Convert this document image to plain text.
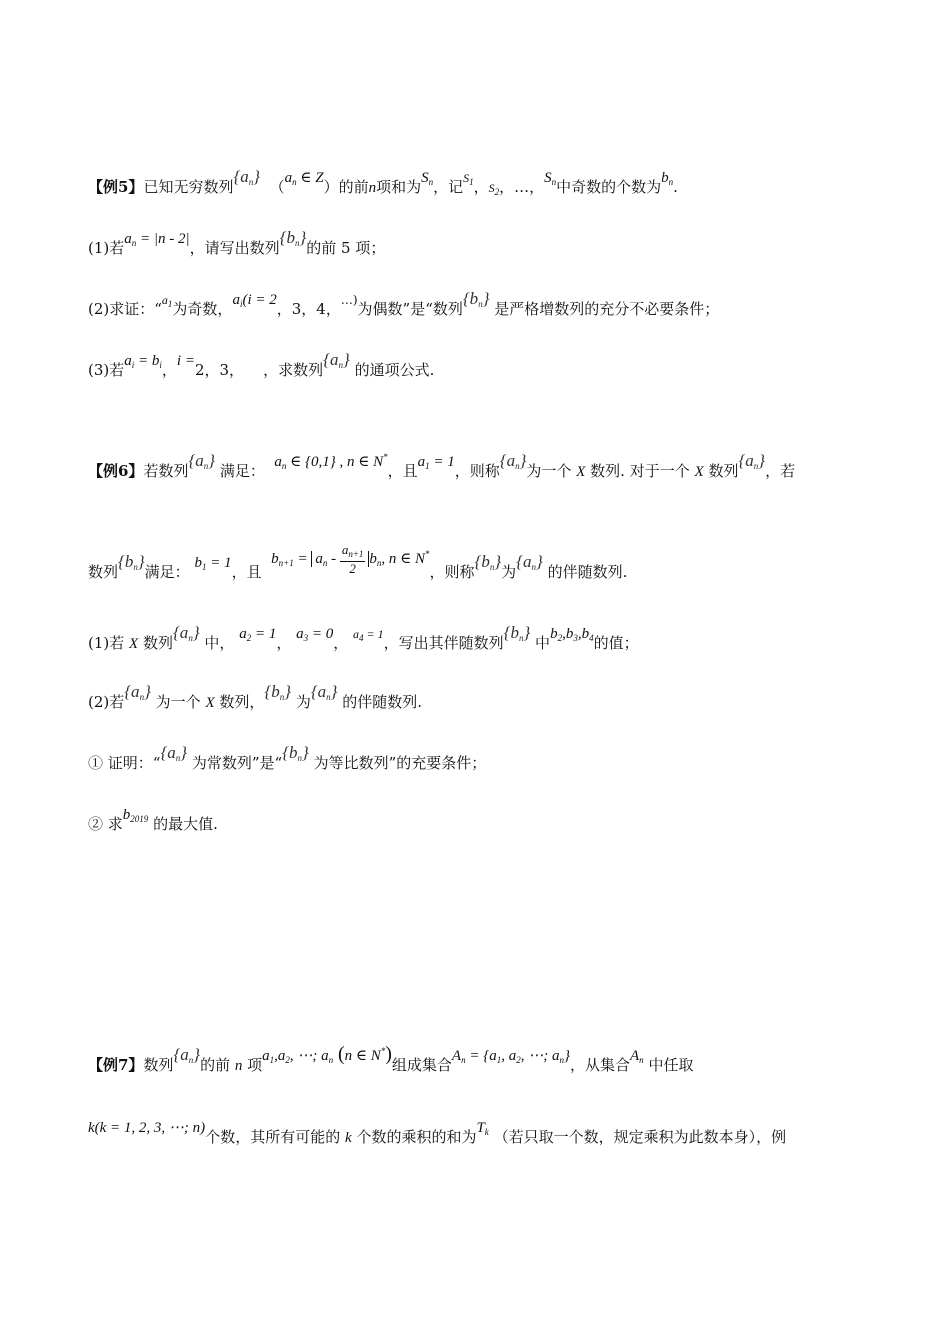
【例5】已知无穷数列$\{a_n\}$  （$a_n$ ∈ Z）的前n项和为$S_n$，记$^{S_1}$，$S_2$，…，$S_n$中奇数的个数为$b_n$.
(1)若$a_n = |n - 2|$，请写出数列$\{b_n\}$的前 5 项；
(2)求证：“$^{a_1}$为奇数，$a_i(i = 2$，3，4，…)为偶数”是“数列$\{b_n\}$ 是严格增数列的充分不必要条件；
(3)若$a_i = b_i$，i =2，3， ，求数列$\{a_n\}$ 的通项公式.
【例6】若数列$\{a_n\}$ 满足： $a_n$ ∈ {0,1} , n ∈ N*，且$a_1 = 1$，则称$\{a_n\}$为一个 X 数列. 对于一个 X 数列$\{a_n\}$，若
数列$\{b_n\}$满足： $b_1 = 1$，且  $b_{n+1} = a_n - \frac{a_{n+1}}{2} b_n$, n ∈ N*，则称$\{b_n\}$为$\{a_n\}$ 的伴随数列.
(1)若 X 数列$\{a_n\}$ 中， $a_2 = 1$， $a_3 = 0$， $^{a_4 = 1}$，写出其伴随数列$\{b_n\}$ 中$b_2,b_3,b_4$的值；
(2)若$\{a_n\}$ 为一个 X 数列，$\{b_n\}$ 为$\{a_n\}$ 的伴随数列.
① 证明：“$\{a_n\}$ 为常数列”是“$\{b_n\}$ 为等比数列”的充要条件；
② 求$b_{2019}$ 的最大值.
【例7】数列$\{a_n\}$的前 n 项$a_1,a_2$, ⋯; $a_n$ (n ∈ N*)组成集合$A_n = \{a_1$, $a_2$, ⋯; $a_n$}，从集合$A_n$ 中任取
k(k = 1, 2, 3, ⋯; n)个数，其所有可能的 k 个数的乘积的和为$T_k$ （若只取一个数，规定乘积为此数本身），例
